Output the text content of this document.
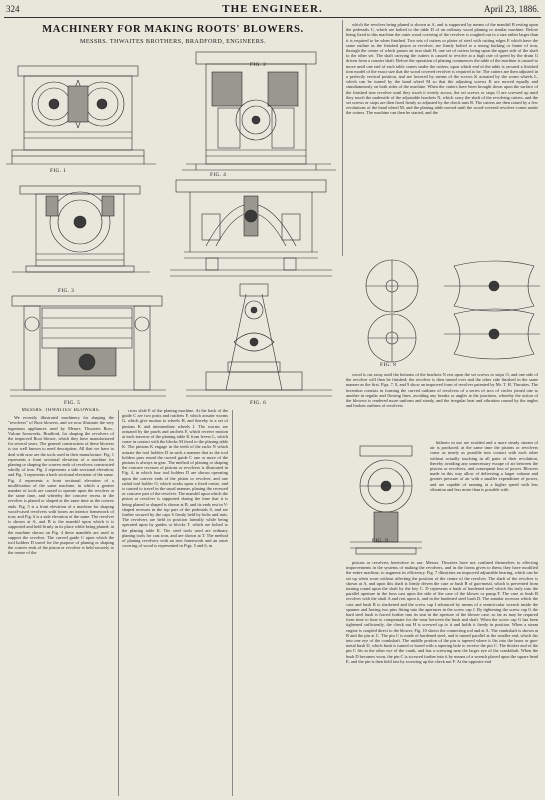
324	THE ENGINEER.	April 23, 1886.
MACHINERY FOR MAKING ROOTS' BLOWERS.
MESSRS. THWAITES BROTHERS, BRADFORD, ENGINEERS.
FIG. 1
FIG. 2
FIG. 3
FIG. 4
FIG. 5	FIG. 6

MESSRS. THWAITES' BLOWERS.

We recently illustrated machinery for shaping the "revolvers" of Root blowers, and we now illustrate the very ingenious appliances used by Messrs. Thwaites Bros., Vulcan Ironworks, Bradford, for shaping the revolvers of the improved Root blower, which they have manufactured for several years. The general construction of these blowers is too well known to need description. All that we have to deal with now are the tools used in their manufacture. Fig. 1 represents a front sectional elevation of a machine for planing or shaping the convex ends of revolvers constructed wholly of iron. Fig. 2 represents a side sectional elevation; and Fig. 3 represents a back sectional elevation of the same. Fig. 4 represents a front sectional elevation of a modification of the same machine, in which a greater number of tools are caused to operate upon the revolver at the same time, and whereby the concave recess in the revolver is planed or shaped at the same time as the convex ends. Fig. 5 is a front elevation of a machine for shaping wood-cased revolvers with boxes an interior framework of iron; and Fig. 6 is a side elevation of the same. The revolver is shown at A, and B is the mandril upon which it is supported and held firmly in its place while being planed; in the machine shown on Fig. 4 these mandrils are used to support the revolver. The curved guide C upon which the tool holders D travel for the purpose of planing or shaping the convex ends of the piston or revolver is held securely to the centre of the

cross slide E of the planing machine. At the back of the guide C are two posts and ratchets F, which actuate worms G, which give motion to wheels H, and thereby to a set of pinions K and intermediate wheels J. The worms are actuated by the pawls and ratchets F, which receive motion at each traverse of the planing table K from levers L, which come in contact with the blocks M fixed to the planing table K. The pinions K engage in the teeth of the racks N which actuate the tool holders D in such a manner that as the tool holders pass round the curved guide C one or more of the pinions is always in gear. The method of planing or shaping the concave recesses of pistons or revolvers is illustrated in Fig. 4, in which four tool holders D are shown operating upon the convex ends of the piston or revolver, and one radial tool holder O, which works upon a fixed centre, and is caused to travel in the usual manner, planing the recessed or concave part of the revolver. The mandril upon which the piston or revolver is supported during the time that it is being planed or shaped is shown at B, and its ends rest in V-shaped recesses in the top part of the pedestals S, and are further secured by the caps S firmly held by bolts and nuts. The revolvers are held in position laterally while being operated upon by guides or blocks T, which are bolted to the planing table K. The steel tools used are ordinary planing tools for cast iron, and are shown at T. The method of planing revolvers with an iron framework and an outer covering of wood is represented in Figs. 5 and 6, in

which the revolver being planed is shown at A, and is supported by means of the mandril B resting upon the pedestals C, which are bolted to the table D of an ordinary wood planing or similar machine. Before being fixed to this machine the outer wood covering of the revolver is roughed out to a size rather larger than it is required to be when finished. Two sets of cutters or plates of steel with cutting edges E which have the same outline as the finished piston or revolver, are firmly bolted to a strong backing or frame of iron, through the centre of which passes an iron shaft H, one set of cutters being upon the upper side of the shaft to the other set. The shaft carrying the cutters is caused to revolve at a high rate of speed by the drum G driven from a counter shaft. Before the operation of planing commences the table of the machine is caused to move until one end of each table comes under the cutters, upon which end of the table is secured a finished iron model of the exact size that the wood covered revolver is required to be. The cutters are then adjusted in a perfectly vertical position, and are lowered by means of the screws K actuated by the worm wheels L, which can be turned by the hand wheel M so that the adjusting screws K are moved equally and simultaneously on both sides of the machine. When the cutters have been brought down upon the surface of the finished iron revolver until they touch it evenly across, the set screws or stops O are screwed up until they touch the underside of the adjustable brackets N, which carry the shaft of the revolving cutters, and the set screws or stops are then fixed firmly so adjusted by the check nuts R. The cutters are then raised by a few revolutions of the hand wheel M, and the planing table moved until the wood-covered revolver comes under the cutters. The machine can then be started, and the

FIG. 8

wood is cut away until the bottoms of the brackets N rest upon the set screws or stops O, and one side of the revolver will then be finished; the revolver is then turned over and the other side finished in the same manner as the first. Figs. 7, 8, and 9 show an improved form of revolver patented by Mr. T. H. Thwaites. The invention consists in forming the curved outlines of revolvers of a series of arcs of circles joined one to another in regular and flowing lines, avoiding any breaks or angles at the junctions, whereby the action of the blowers is rendered more uniform and steady, and the irregular beat and vibration caused by the angles and broken outlines of revolvers

FIG. 9

hitherto in use are avoided and a more steady stream of air is produced; at the same time the pistons or revolvers come as nearly as possible into contact with each other without actually touching in all parts of their revolution, thereby avoiding any unnecessary escape of air between the pistons or revolvers, and consequent loss of power. Blowers made in this way allow of delivering a larger volume and greater pressure of air with a smaller expenditure of power, and are capable of running at a higher speed with less vibration and less noise than is possible with

pistons or revolvers heretofore in use. Messrs. Thwaites have not confined themselves to effecting improvements in the systems of making the revolvers, and in the forms given to them; they have modified the entire machine, to augment its efficiency. Fig. 7 illustrates an improved adjustable bearing, which can be set up when worn without affecting the position of the centre of the revolver. The shaft of the revolver is shown at A, and upon this shaft is firmly driven the case or bush B of gun-metal, which is prevented from turning round upon the shaft by the key C. D represents a bush of hardened steel which fits truly into the parallel aperture in the boss cast upon the side of the case of the blower or pump F. The case or bush B revolves with the shaft A and rest upon it, and in the hardened steel bush D. The annular recesses which the case and bush B is slackened and the screw cap I advanced by means of a semicircular wrench inside the spanner and having two pins fitting into the apertures in the screw cap J. By tightening the screw cap G the hard steel bush is forced further into its seat in the aperture of the blower case, so far as may be required from time to time to compensate for the wear between the bush and shaft. When the screw cap G has been tightened sufficiently, the check nut H is screwed up to it and holds it firmly in position. When a steam engine is coupled direct to the blower, Fig. 10 shows the connecting rod and at A. The crankshaft is shown at B and the pin at C. The pin C is made of hardened steel, and is turned parallel at the smaller end, which fits into one eye of the crankshaft. The middle portion of the pin is tapered where it fits into the brass or gun-metal bush D, which bush is turned or bored with a tapering hole to receive the pin C. The thicker end of the pin C fits in the other eye of the crank, and has a screwing near the larger eye of the crankshaft. When the bush D becomes worn, the pin C is screwed further into it by means of a wrench placed upon the square head E, and the pin is then held fast by screwing up the check nut F. At the opposite end
